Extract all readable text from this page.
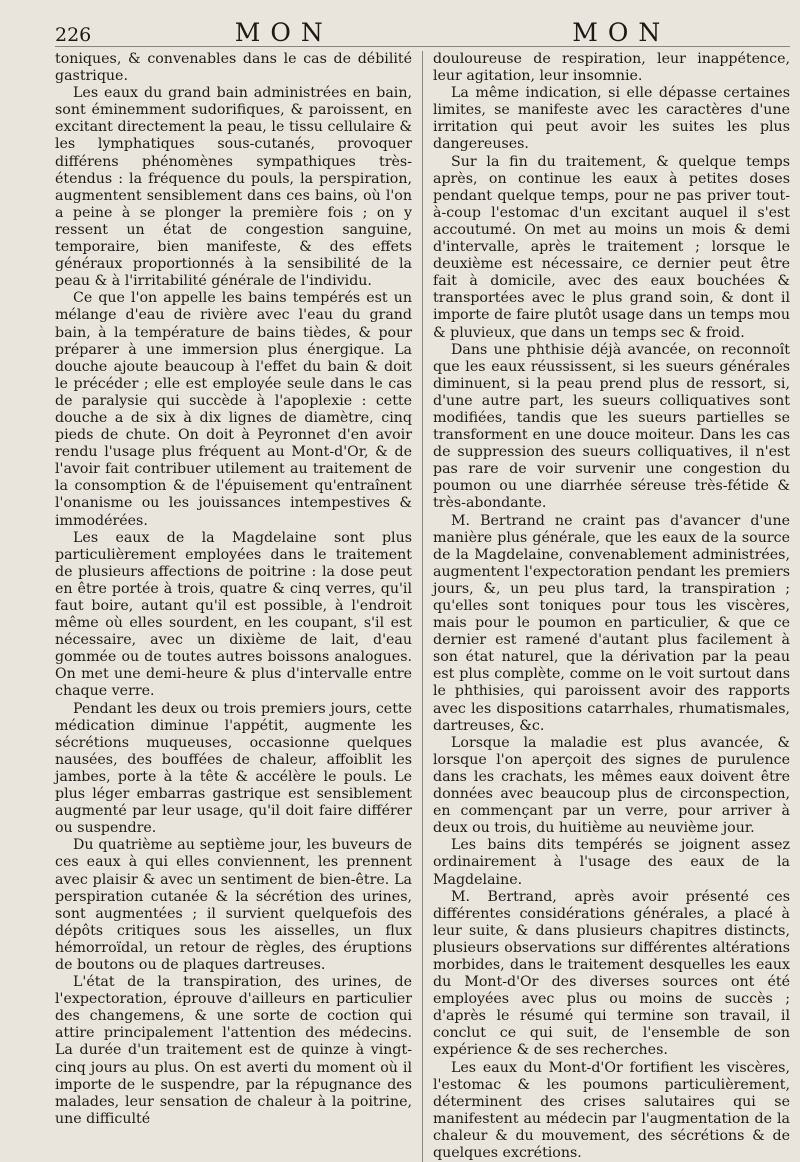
226	MON	MON

toniques, & convenables dans le cas de débilité gastrique.

Les eaux du grand bain administrées en bain, sont éminemment sudorifiques, & paroissent, en excitant directement la peau, le tissu cellulaire & les lymphatiques sous-cutanés, provoquer différens phénomènes sympathiques très-étendus : la fréquence du pouls, la perspiration, augmentent sensiblement dans ces bains, où l'on a peine à se plonger la première fois ; on y ressent un état de congestion sanguine, temporaire, bien manifeste, & des effets généraux proportionnés à la sensibilité de la peau & à l'irritabilité générale de l'individu.

Ce que l'on appelle les bains tempérés est un mélange d'eau de rivière avec l'eau du grand bain, à la température de bains tièdes, & pour préparer à une immersion plus énergique. La douche ajoute beaucoup à l'effet du bain & doit le précéder ; elle est employée seule dans le cas de paralysie qui succède à l'apoplexie : cette douche a de six à dix lignes de diamètre, cinq pieds de chute. On doit à Peyronnet d'en avoir rendu l'usage plus fréquent au Mont-d'Or, & de l'avoir fait contribuer utilement au traitement de la consomption & de l'épuisement qu'entraînent l'onanisme ou les jouissances intempestives & immodérées.

Les eaux de la Magdelaine sont plus particulièrement employées dans le traitement de plusieurs affections de poitrine : la dose peut en être portée à trois, quatre & cinq verres, qu'il faut boire, autant qu'il est possible, à l'endroit même où elles sourdent, en les coupant, s'il est nécessaire, avec un dixième de lait, d'eau gommée ou de toutes autres boissons analogues. On met une demi-heure & plus d'intervalle entre chaque verre.

Pendant les deux ou trois premiers jours, cette médication diminue l'appétit, augmente les sécrétions muqueuses, occasionne quelques nausées, des bouffées de chaleur, affoiblit les jambes, porte à la tête & accélère le pouls. Le plus léger embarras gastrique est sensiblement augmenté par leur usage, qu'il doit faire différer ou suspendre.

Du quatrième au septième jour, les buveurs de ces eaux à qui elles conviennent, les prennent avec plaisir & avec un sentiment de bien-être. La perspiration cutanée & la sécrétion des urines, sont augmentées ; il survient quelquefois des dépôts critiques sous les aisselles, un flux hémorroïdal, un retour de règles, des éruptions de boutons ou de plaques dartreuses.

L'état de la transpiration, des urines, de l'expectoration, éprouve d'ailleurs en particulier des changemens, & une sorte de coction qui attire principalement l'attention des médecins. La durée d'un traitement est de quinze à vingt-cinq jours au plus. On est averti du moment où il importe de le suspendre, par la répugnance des malades, leur sensation de chaleur à la poitrine, une difficulté

douloureuse de respiration, leur inappétence, leur agitation, leur insomnie.

La même indication, si elle dépasse certaines limites, se manifeste avec les caractères d'une irritation qui peut avoir les suites les plus dangereuses.

Sur la fin du traitement, & quelque temps après, on continue les eaux à petites doses pendant quelque temps, pour ne pas priver tout-à-coup l'estomac d'un excitant auquel il s'est accoutumé. On met au moins un mois & demi d'intervalle, après le traitement ; lorsque le deuxième est nécessaire, ce dernier peut être fait à domicile, avec des eaux bouchées & transportées avec le plus grand soin, & dont il importe de faire plutôt usage dans un temps mou & pluvieux, que dans un temps sec & froid.

Dans une phthisie déjà avancée, on reconnoît que les eaux réussissent, si les sueurs générales diminuent, si la peau prend plus de ressort, si, d'une autre part, les sueurs colliquatives sont modifiées, tandis que les sueurs partielles se transforment en une douce moiteur. Dans les cas de suppression des sueurs colliquatives, il n'est pas rare de voir survenir une congestion du poumon ou une diarrhée séreuse très-fétide & très-abondante.

M. Bertrand ne craint pas d'avancer d'une manière plus générale, que les eaux de la source de la Magdelaine, convenablement administrées, augmentent l'expectoration pendant les premiers jours, &, un peu plus tard, la transpiration ; qu'elles sont toniques pour tous les viscères, mais pour le poumon en particulier, & que ce dernier est ramené d'autant plus facilement à son état naturel, que la dérivation par la peau est plus complète, comme on le voit surtout dans le phthisies, qui paroissent avoir des rapports avec les dispositions catarrhales, rhumatismales, dartreuses, &c.

Lorsque la maladie est plus avancée, & lorsque l'on aperçoit des signes de purulence dans les crachats, les mêmes eaux doivent être données avec beaucoup plus de circonspection, en commençant par un verre, pour arriver à deux ou trois, du huitième au neuvième jour.

Les bains dits tempérés se joignent assez ordinairement à l'usage des eaux de la Magdelaine.

M. Bertrand, après avoir présenté ces différentes considérations générales, a placé à leur suite, & dans plusieurs chapitres distincts, plusieurs observations sur différentes altérations morbides, dans le traitement desquelles les eaux du Mont-d'Or des diverses sources ont été employées avec plus ou moins de succès ; d'après le résumé qui termine son travail, il conclut ce qui suit, de l'ensemble de son expérience & de ses recherches.

Les eaux du Mont-d'Or fortifient les viscères, l'estomac & les poumons particulièrement, déterminent des crises salutaires qui se manifestent au médecin par l'augmentation de la chaleur & du mouvement, des sécrétions & de quelques excrétions.
